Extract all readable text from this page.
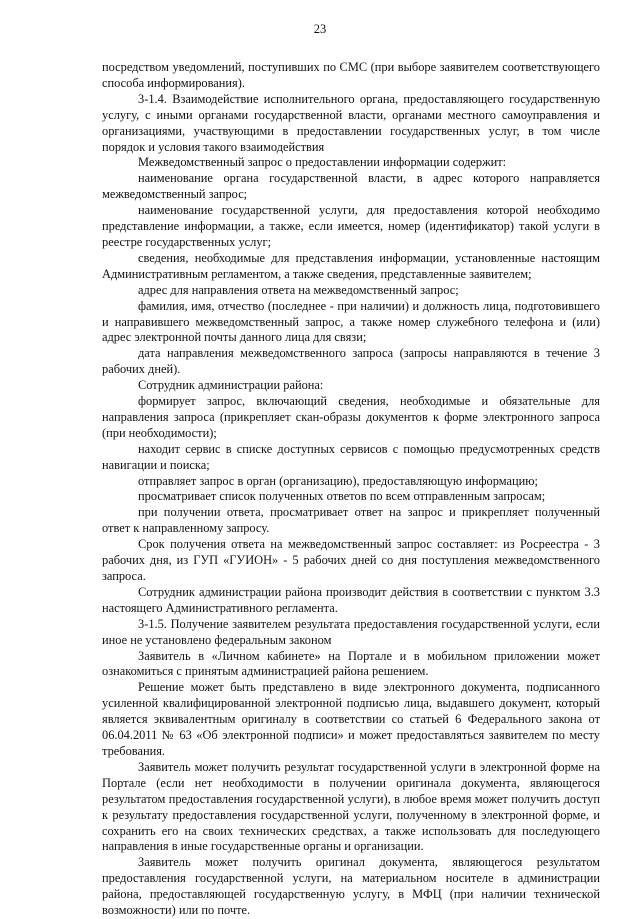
23

посредством уведомлений, поступивших по СМС (при выборе заявителем соответствующего способа информирования).

3-1.4. Взаимодействие исполнительного органа, предоставляющего государственную услугу, с иными органами государственной власти, органами местного самоуправления и организациями, участвующими в предоставлении государственных услуг, в том числе порядок и условия такого взаимодействия

Межведомственный запрос о предоставлении информации содержит:

наименование органа государственной власти, в адрес которого направляется межведомственный запрос;

наименование государственной услуги, для предоставления которой необходимо представление информации, а также, если имеется, номер (идентификатор) такой услуги в реестре государственных услуг;

сведения, необходимые для представления информации, установленные настоящим Административным регламентом, а также сведения, представленные заявителем;

адрес для направления ответа на межведомственный запрос;

фамилия, имя, отчество (последнее - при наличии) и должность лица, подготовившего и направившего межведомственный запрос, а также номер служебного телефона и (или) адрес электронной почты данного лица для связи;

дата направления межведомственного запроса (запросы направляются в течение 3 рабочих дней).

Сотрудник администрации района:

формирует запрос, включающий сведения, необходимые и обязательные для направления запроса (прикрепляет скан-образы документов к форме электронного запроса (при необходимости);

находит сервис в списке доступных сервисов с помощью предусмотренных средств навигации и поиска;

отправляет запрос в орган (организацию), предоставляющую информацию;

просматривает список полученных ответов по всем отправленным запросам;

при получении ответа, просматривает ответ на запрос и прикрепляет полученный ответ к направленному запросу.

Срок получения ответа на межведомственный запрос составляет: из Росреестра - 3 рабочих дня, из ГУП «ГУИОН» - 5 рабочих дней со дня поступления межведомственного запроса.

Сотрудник администрации района производит действия в соответствии с пунктом 3.3 настоящего Административного регламента.

3-1.5. Получение заявителем результата предоставления государственной услуги, если иное не установлено федеральным законом

Заявитель в «Личном кабинете» на Портале и в мобильном приложении может ознакомиться с принятым администрацией района решением.

Решение может быть представлено в виде электронного документа, подписанного усиленной квалифицированной электронной подписью лица, выдавшего документ, который является эквивалентным оригиналу в соответствии со статьей 6 Федерального закона от 06.04.2011 № 63 «Об электронной подписи» и может предоставляться заявителем по месту требования.

Заявитель может получить результат государственной услуги в электронной форме на Портале (если нет необходимости в получении оригинала документа, являющегося результатом предоставления государственной услуги), в любое время может получить доступ к результату предоставления государственной услуги, полученному в электронной форме, и сохранить его на своих технических средствах, а также использовать для последующего направления в иные государственные органы и организации.

Заявитель может получить оригинал документа, являющегося результатом предоставления государственной услуги, на материальном носителе в администрации района, предоставляющей государственную услугу, в МФЦ (при наличии технической возможности) или по почте.
